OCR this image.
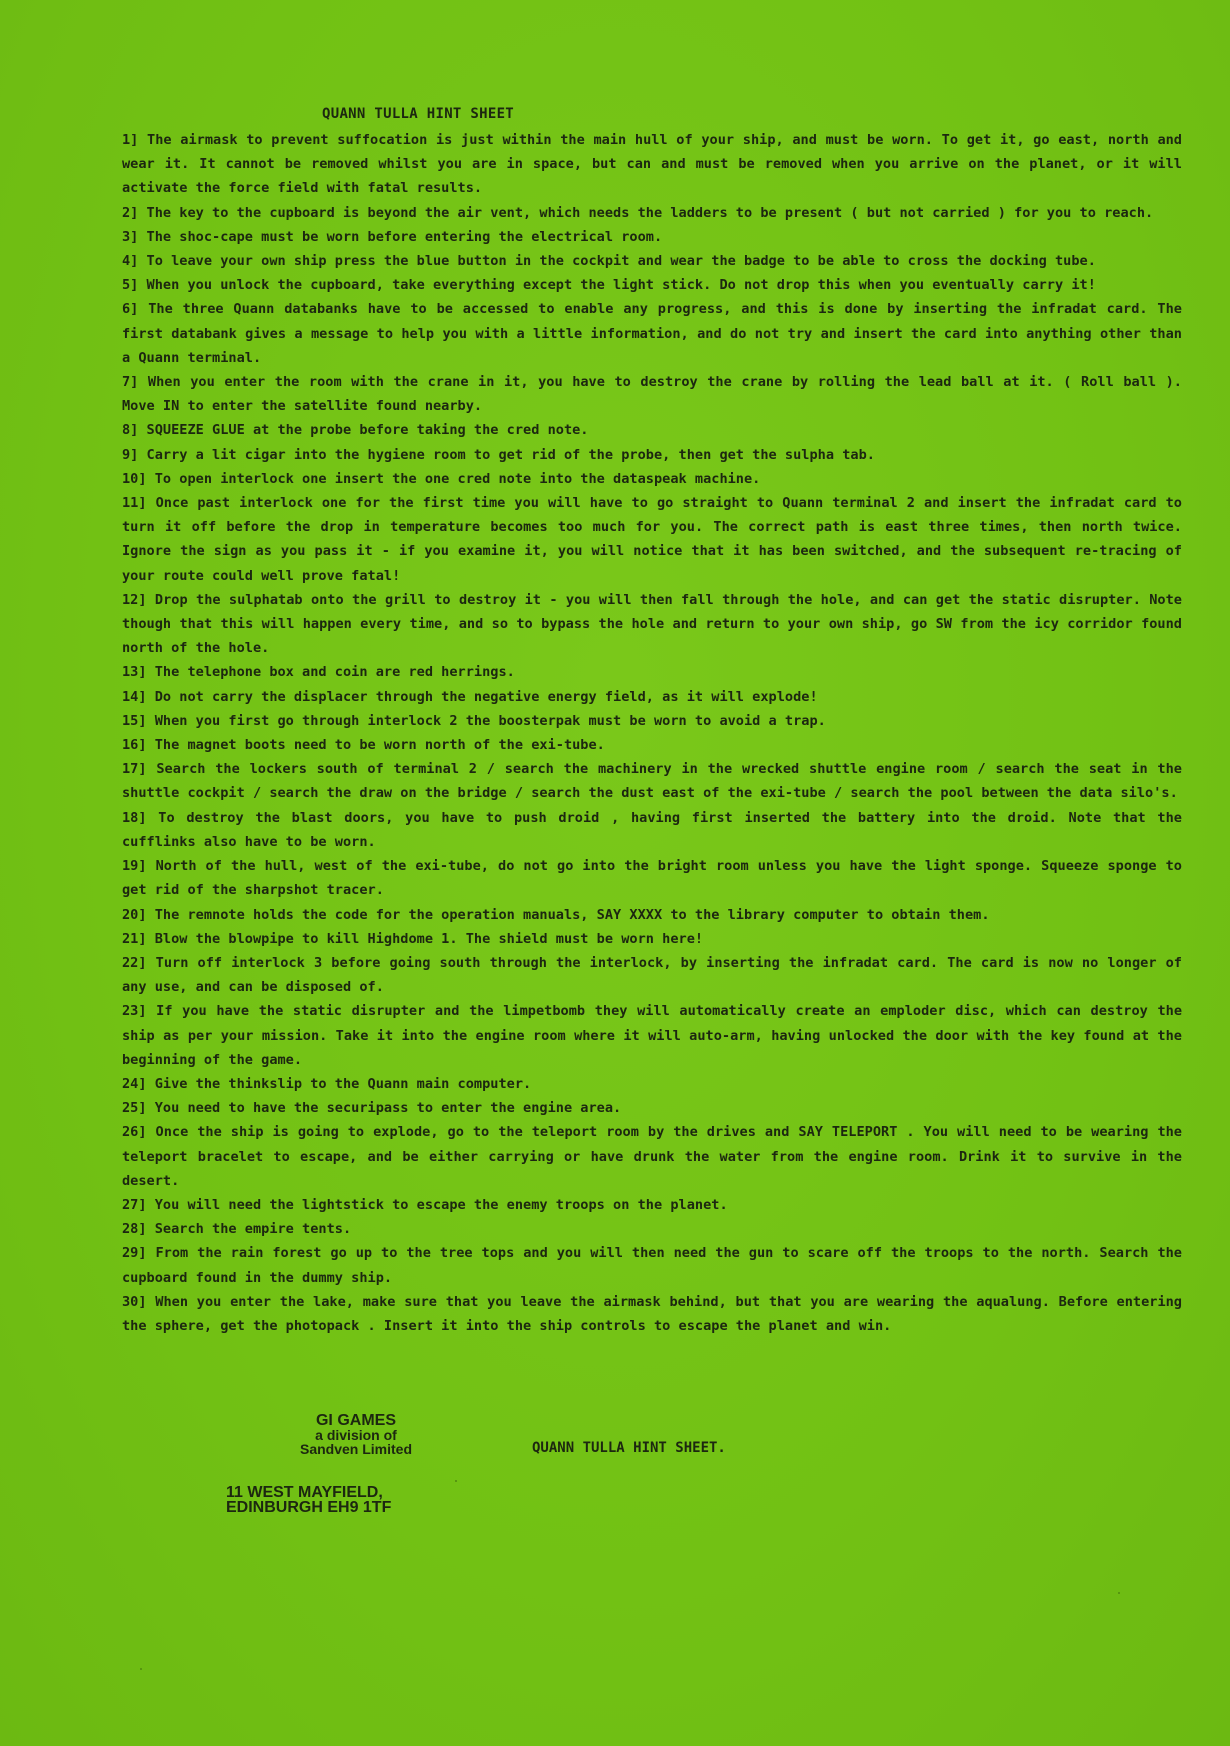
QUANN TULLA HINT SHEET

1] The airmask to prevent suffocation is just within the main hull of your ship, and must be worn. To get it, go east, north and wear it. It cannot be removed whilst you are in space, but can and must be removed when you arrive on the planet, or it will activate the force field with fatal results.

2] The key to the cupboard is beyond the air vent, which needs the ladders to be present ( but not carried ) for you to reach.

3] The shoc-cape must be worn before entering the electrical room.

4] To leave your own ship press the blue button in the cockpit and wear the badge to be able to cross the docking tube.

5] When you unlock the cupboard, take everything except the light stick. Do not drop this when you eventually carry it!

6] The three Quann databanks have to be accessed to enable any progress, and this is done by inserting the infradat card. The first databank gives a message to help you with a little information, and do not try and insert the card into anything other than a Quann terminal.

7] When you enter the room with the crane in it, you have to destroy the crane by rolling the lead ball at it. ( Roll ball ). Move IN to enter the satellite found nearby.

8] SQUEEZE GLUE at the probe before taking the cred note.

9] Carry a lit cigar into the hygiene room to get rid of the probe, then get the sulpha tab.

10] To open interlock one insert the one cred note into the dataspeak machine.

11] Once past interlock one for the first time you will have to go straight to Quann terminal 2 and insert the infradat card to turn it off before the drop in temperature becomes too much for you. The correct path is east three times, then north twice. Ignore the sign as you pass it - if you examine it, you will notice that it has been switched, and the subsequent re-tracing of your route could well prove fatal!

12] Drop the sulphatab onto the grill to destroy it - you will then fall through the hole, and can get the static disrupter. Note though that this will happen every time, and so to bypass the hole and return to your own ship, go SW from the icy corridor found north of the hole.

13] The telephone box and coin are red herrings.

14] Do not carry the displacer through the negative energy field, as it will explode!

15] When you first go through interlock 2 the boosterpak must be worn to avoid a trap.

16] The magnet boots need to be worn north of the exi-tube.

17] Search the lockers south of terminal 2 / search the machinery in the wrecked shuttle engine room / search the seat in the shuttle cockpit / search the draw on the bridge / search the dust east of the exi-tube / search the pool between the data silo's.

18] To destroy the blast doors, you have to push droid , having first inserted the battery into the droid. Note that the cufflinks also have to be worn.

19] North of the hull, west of the exi-tube, do not go into the bright room unless you have the light sponge. Squeeze sponge to get rid of the sharpshot tracer.

20] The remnote holds the code for the operation manuals, SAY XXXX to the library computer to obtain them.

21] Blow the blowpipe to kill Highdome 1. The shield must be worn here!

22] Turn off interlock 3 before going south through the interlock, by inserting the infradat card. The card is now no longer of any use, and can be disposed of.

23] If you have the static disrupter and the limpetbomb they will automatically create an emploder disc, which can destroy the ship as per your mission. Take it into the engine room where it will auto-arm, having unlocked the door with the key found at the beginning of the game.

24] Give the thinkslip to the Quann main computer.

25] You need to have the securipass to enter the engine area.

26] Once the ship is going to explode, go to the teleport room by the drives and SAY TELEPORT . You will need to be wearing the teleport bracelet to escape, and be either carrying or have drunk the water from the engine room. Drink it to survive in the desert.

27] You will need the lightstick to escape the enemy troops on the planet.

28] Search the empire tents.

29] From the rain forest go up to the tree tops and you will then need the gun to scare off the troops to the north. Search the cupboard found in the dummy ship.

30] When you enter the lake, make sure that you leave the airmask behind, but that you are wearing the aqualung. Before entering the sphere, get the photopack . Insert it into the ship controls to escape the planet and win.

GI GAMES
a division of
Sandven Limited
11 WEST MAYFIELD,
EDINBURGH EH9 1TF
QUANN TULLA HINT SHEET.
